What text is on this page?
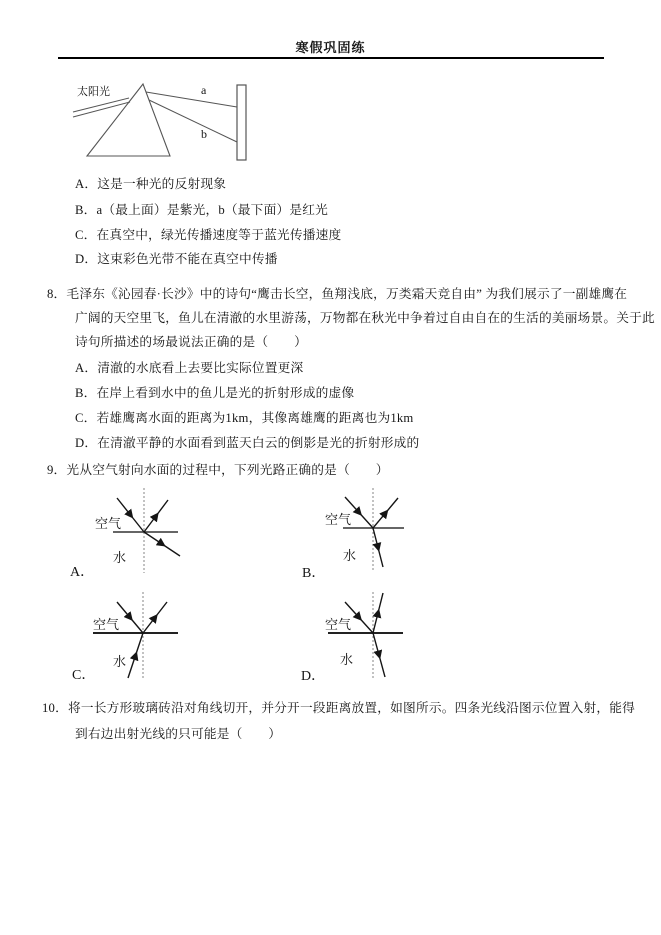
寒假巩固练
太阳光	a
b
A．这是一种光的反射现象
B．a（最上面）是紫光，b（最下面）是红光
C．在真空中，绿光传播速度等于蓝光传播速度
D．这束彩色光带不能在真空中传播
8．毛泽东《沁园春·长沙》中的诗句“鹰击长空，鱼翔浅底，万类霜天竞自由” 为我们展示了一副雄鹰在
广阔的天空里飞，鱼儿在清澈的水里游荡，万物都在秋光中争着过自由自在的生活的美丽场景。关于此
诗句所描述的场最说法正确的是（　　）
A．清澈的水底看上去要比实际位置更深
B．在岸上看到水中的鱼儿是光的折射形成的虚像
C．若雄鹰离水面的距离为1km，其像离雄鹰的距离也为1km
D．在清澈平静的水面看到蓝天白云的倒影是光的折射形成的
9．光从空气射向水面的过程中，下列光路正确的是（　　）
空气
水
A．
空气
水
B．
空气
水
C．
空气
水
D．
10．将一长方形玻璃砖沿对角线切开，并分开一段距离放置，如图所示。四条光线沿图示位置入射，能得
到右边出射光线的只可能是（　　）
